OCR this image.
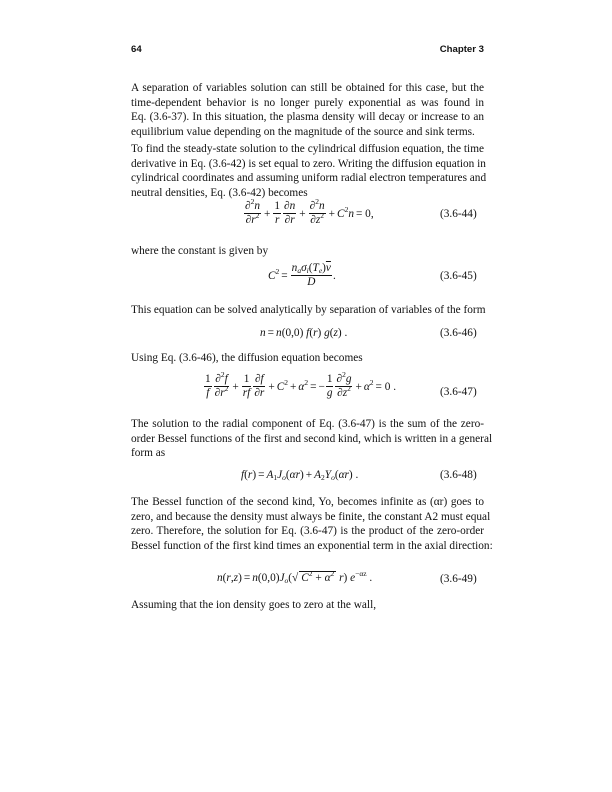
64	Chapter 3
A separation of variables solution can still be obtained for this case, but the
time-dependent behavior is no longer purely exponential as was found in
Eq. (3.6-37). In this situation, the plasma density will decay or increase to an
equilibrium value depending on the magnitude of the source and sink terms.
To find the steady-state solution to the cylindrical diffusion equation, the time
derivative in Eq. (3.6-42) is set equal to zero. Writing the diffusion equation in
cylindrical coordinates and assuming uniform radial electron temperatures and
neutral densities, Eq. (3.6-42) becomes
$\frac{\partial^2n}{\partial r^2} + \frac{1}{r} \frac{\partial n}{\partial r} + \frac{\partial^2n}{\partial z^2} + C^2n = 0$,	(3.6-44)
where the constant is given by
$C^2 = \frac{n_a\sigma_i(T_e)\overline{v}}{D}$ .	(3.6-45)
This equation can be solved analytically by separation of variables of the form
n = n(0,0) f(r) g(z) .	(3.6-46)
Using Eq. (3.6-46), the diffusion equation becomes
$\frac{1}{f} \frac{\partial^2f}{\partial r^2} + \frac{1}{rf} \frac{\partial f}{\partial r} + C^2 + \alpha^2$ = − $\frac{1}{g} \frac{\partial^2g}{\partial z^2} + \alpha^2 = 0$ .	(3.6-47)
The solution to the radial component of Eq. (3.6-47) is the sum of the zero-
order Bessel functions of the first and second kind, which is written in a general
form as
$f(r) = A_1J_o(\alpha r) + A_2Y_o(\alpha r)$ .	(3.6-48)
The Bessel function of the second kind, Yo, becomes infinite as (αr) goes to
zero, and because the density must always be finite, the constant A2 must equal
zero. Therefore, the solution for Eq. (3.6-47) is the product of the zero-order
Bessel function of the first kind times an exponential term in the axial direction:
$n(r,z) = n(0,0)J_o$( √ $C^2 + \alpha^2$ r) $e^{-\alpha z}$ .	(3.6-49)
Assuming that the ion density goes to zero at the wall,
